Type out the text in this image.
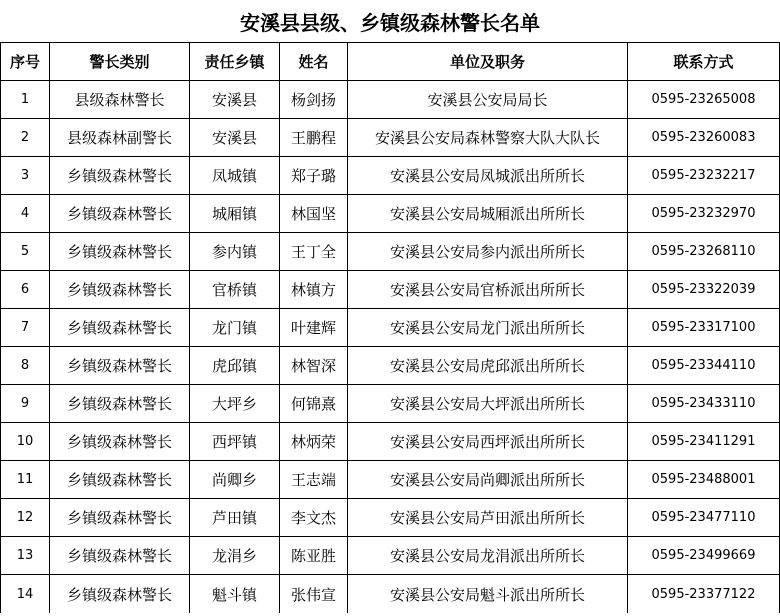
安溪县县级、乡镇级森林警长名单
序号	警长类别	责任乡镇	姓名	单位及职务	联系方式
1	县级森林警长	安溪县	杨剑扬	安溪县公安局局长	0595-23265008
2	县级森林副警长	安溪县	王鹏程	安溪县公安局森林警察大队大队长	0595-23260083
3	乡镇级森林警长	凤城镇	郑子璐	安溪县公安局凤城派出所所长	0595-23232217
4	乡镇级森林警长	城厢镇	林国坚	安溪县公安局城厢派出所所长	0595-23232970
5	乡镇级森林警长	参内镇	王丁全	安溪县公安局参内派出所所长	0595-23268110
6	乡镇级森林警长	官桥镇	林镇方	安溪县公安局官桥派出所所长	0595-23322039
7	乡镇级森林警长	龙门镇	叶建辉	安溪县公安局龙门派出所所长	0595-23317100
8	乡镇级森林警长	虎邱镇	林智深	安溪县公安局虎邱派出所所长	0595-23344110
9	乡镇级森林警长	大坪乡	何锦熹	安溪县公安局大坪派出所所长	0595-23433110
10	乡镇级森林警长	西坪镇	林炳荣	安溪县公安局西坪派出所所长	0595-23411291
11	乡镇级森林警长	尚卿乡	王志端	安溪县公安局尚卿派出所所长	0595-23488001
12	乡镇级森林警长	芦田镇	李文杰	安溪县公安局芦田派出所所长	0595-23477110
13	乡镇级森林警长	龙涓乡	陈亚胜	安溪县公安局龙涓派出所所长	0595-23499669
14	乡镇级森林警长	魁斗镇	张伟宣	安溪县公安局魁斗派出所所长	0595-23377122
